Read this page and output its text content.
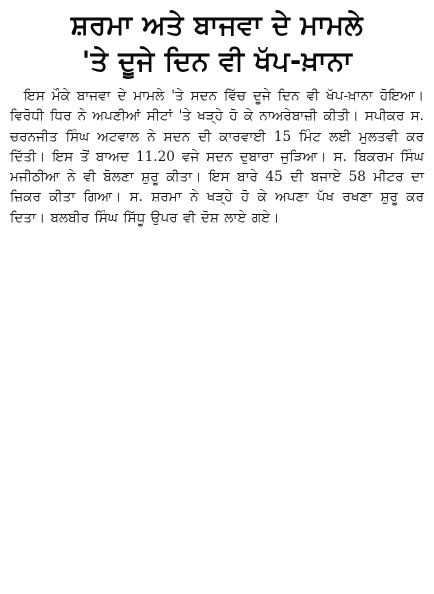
ਸ਼ਰਮਾ ਅਤੇ ਬਾਜਵਾ ਦੇ ਮਾਮਲੇ
'ਤੇ ਦੂਜੇ ਦਿਨ ਵੀ ਖੱਪ-ਖ਼ਾਨਾ

ਇਸ ਮੌਕੇ ਬਾਜਵਾ ਦੇ ਮਾਮਲੇ 'ਤੇ ਸਦਨ ਵਿੱਚ ਦੂਜੇ ਦਿਨ ਵੀ ਖੱਪ-ਖ਼ਾਨਾ ਹੋਇਆ। ਵਿਰੋਧੀ ਧਿਰ ਨੇ ਅਪਣੀਆਂ ਸੀਟਾਂ 'ਤੇ ਖੜ੍ਹੇ ਹੋ ਕੇ ਨਾਅਰੇਬਾਜ਼ੀ ਕੀਤੀ। ਸਪੀਕਰ ਸ. ਚਰਨਜੀਤ ਸਿੰਘ ਅਟਵਾਲ ਨੇ ਸਦਨ ਦੀ ਕਾਰਵਾਈ 15 ਮਿੰਟ ਲਈ ਮੁਲਤਵੀ ਕਰ ਦਿੱਤੀ। ਇਸ ਤੋਂ ਬਾਅਦ 11.20 ਵਜੇ ਸਦਨ ਦੁਬਾਰਾ ਜੁੜਿਆ। ਸ. ਬਿਕਰਮ ਸਿੰਘ ਮਜੀਠੀਆ ਨੇ ਵੀ ਬੋਲਣਾ ਸ਼ੁਰੂ ਕੀਤਾ। ਇਸ ਬਾਰੇ 45 ਦੀ ਬਜਾਏ 58 ਮੀਟਰ ਦਾ ਜ਼ਿਕਰ ਕੀਤਾ ਗਿਆ। ਸ. ਸ਼ਰਮਾ ਨੇ ਖੜ੍ਹੇ ਹੋ ਕੇ ਅਪਣਾ ਪੱਖ ਰਖਣਾ ਸ਼ੁਰੂ ਕਰ ਦਿਤਾ। ਬਲਬੀਰ ਸਿੰਘ ਸਿੱਧੂ ਉਪਰ ਵੀ ਦੋਸ਼ ਲਾਏ ਗਏ।
